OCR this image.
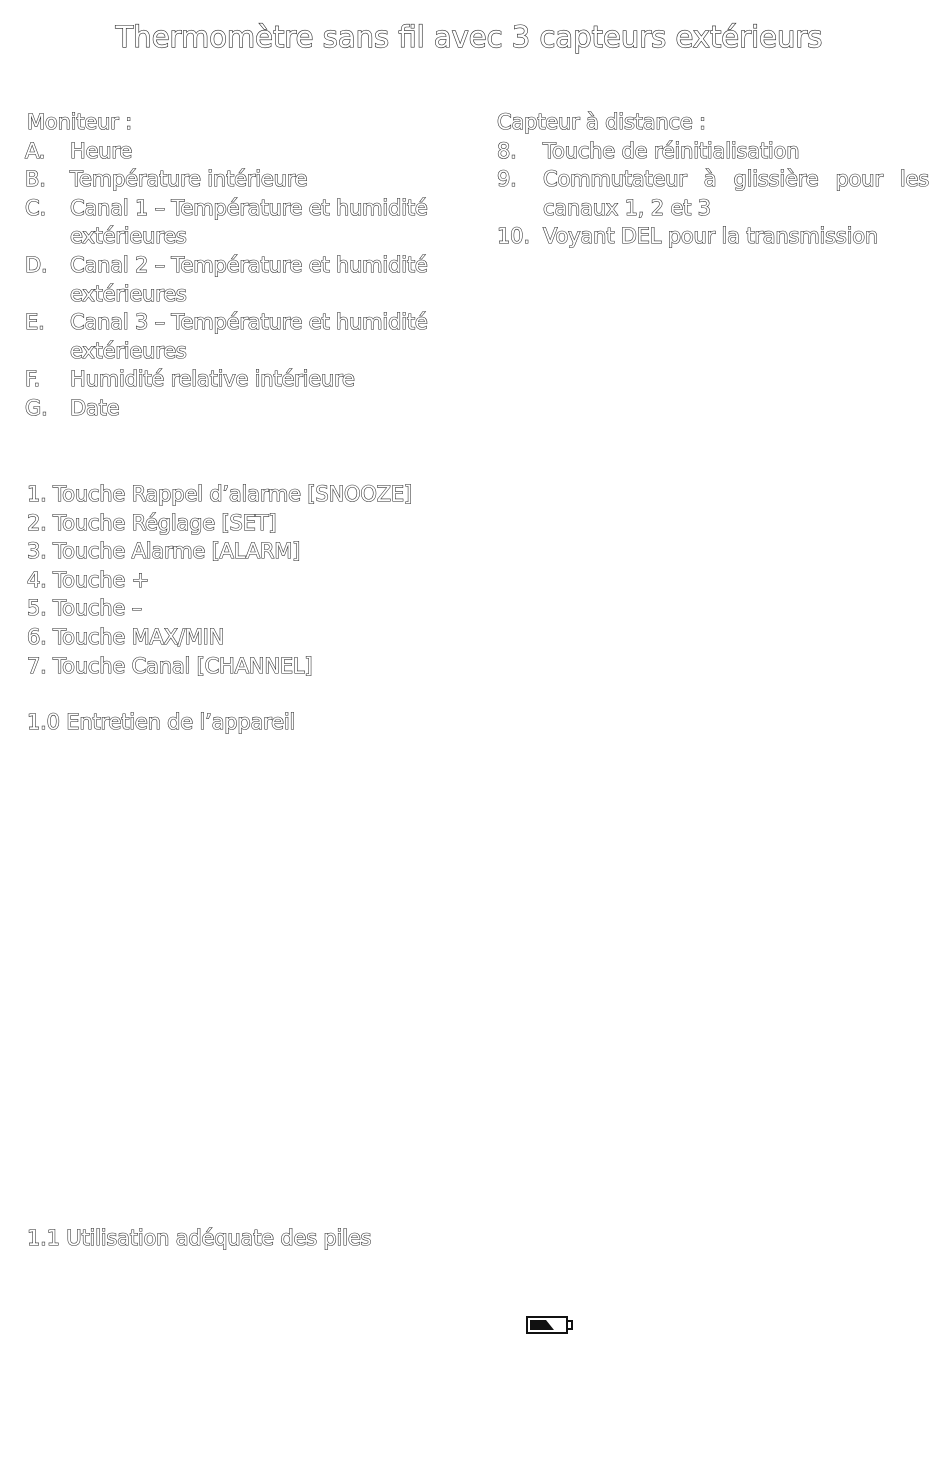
Thermomètre sans fil avec 3 capteurs extérieurs
Moniteur :
A. Heure
B. Température intérieure
C. Canal 1 – Température et humidité extérieures
D. Canal 2 – Température et humidité extérieures
E. Canal 3 – Température et humidité extérieures
F. Humidité relative intérieure
G. Date
Capteur à distance :
8. Touche de réinitialisation
9. Commutateur à glissière pour les canaux 1, 2 et 3
10. Voyant DEL pour la transmission
1. Touche Rappel d’alarme [SNOOZE]
2. Touche Réglage [SET]
3. Touche Alarme [ALARM]
4. Touche +
5. Touche –
6. Touche MAX/MIN
7. Touche Canal [CHANNEL]
1.0 Entretien de l’appareil
1.1 Utilisation adéquate des piles
